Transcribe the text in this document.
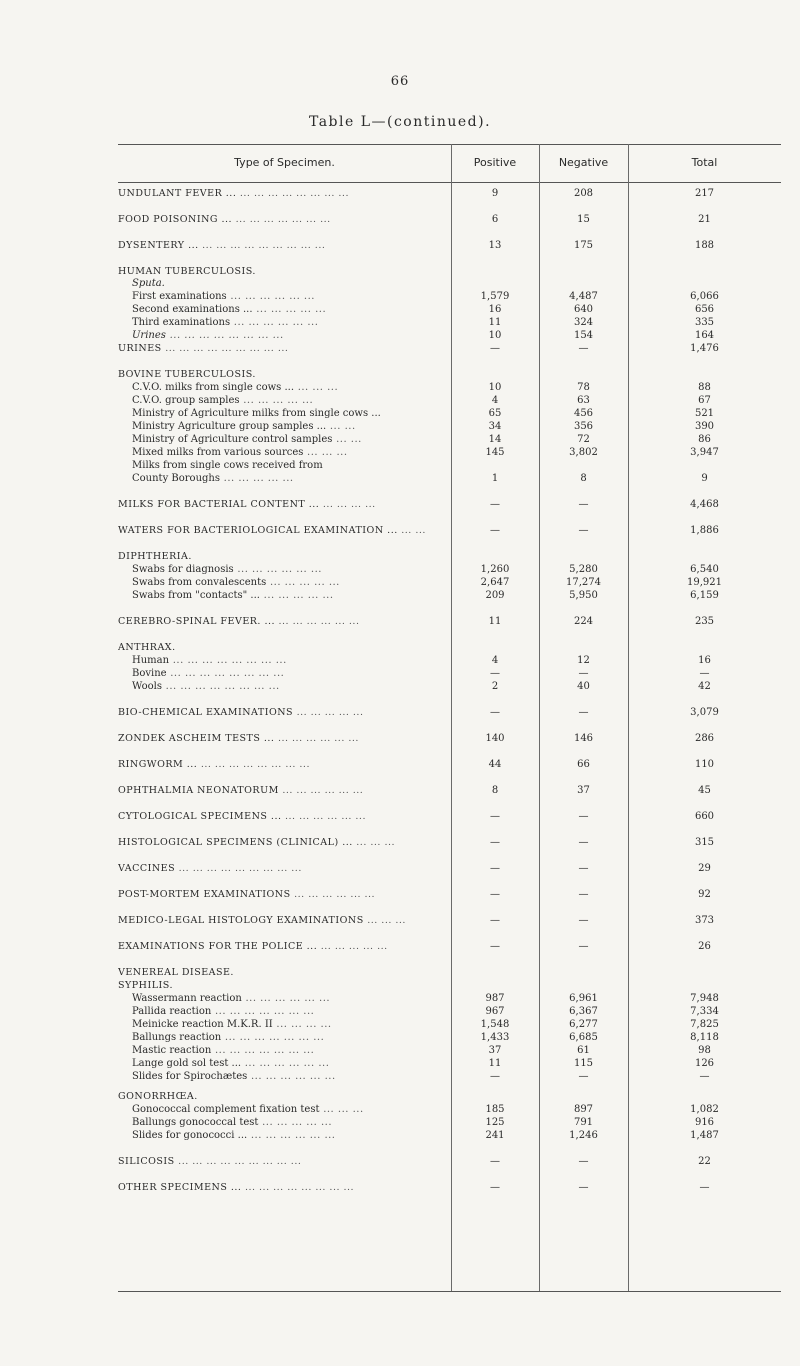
66
Table L—(continued).
Type of Specimen.	Positive	Negative	Total
UNDULANT FEVER ... ... ... ... ... ... ... ... ...	9	208	217
FOOD POISONING ... ... ... ... ... ... ... ...	6	15	21
DYSENTERY ... ... ... ... ... ... ... ... ... ...	13	175	188
HUMAN TUBERCULOSIS.
Sputa.
First examinations ... ... ... ... ... ...	1,579	4,487	6,066
Second examinations ... ... ... ... ... ...	16	640	656
Third examinations ... ... ... ... ... ...	11	324	335
Urines ... ... ... ... ... ... ... ...	10	154	164
URINES ... ... ... ... ... ... ... ... ...	—	—	1,476
BOVINE TUBERCULOSIS.
C.V.O. milks from single cows ... ... ... ...	10	78	88
C.V.O. group samples ... ... ... ... ...	4	63	67
Ministry of Agriculture milks from single cows ...	65	456	521
Ministry Agriculture group samples ... ... ...	34	356	390
Ministry of Agriculture control samples ... ...	14	72	86
Mixed milks from various sources ... ... ...	145	3,802	3,947
Milks from single cows received from
County Boroughs ... ... ... ... ...	1	8	9
MILKS FOR BACTERIAL CONTENT ... ... ... ... ...	—	—	4,468
WATERS FOR BACTERIOLOGICAL EXAMINATION ... ... ...	—	—	1,886
DIPHTHERIA.
Swabs for diagnosis ... ... ... ... ... ...	1,260	5,280	6,540
Swabs from convalescents ... ... ... ... ...	2,647	17,274	19,921
Swabs from "contacts" ... ... ... ... ... ...	209	5,950	6,159
CEREBRO-SPINAL FEVER. ... ... ... ... ... ... ...	11	224	235
ANTHRAX.
Human ... ... ... ... ... ... ... ...	4	12	16
Bovine ... ... ... ... ... ... ... ...	—	—	—
Wools ... ... ... ... ... ... ... ...	2	40	42
BIO-CHEMICAL EXAMINATIONS ... ... ... ... ...	—	—	3,079
ZONDEK ASCHEIM TESTS ... ... ... ... ... ... ...	140	146	286
RINGWORM ... ... ... ... ... ... ... ... ...	44	66	110
OPHTHALMIA NEONATORUM ... ... ... ... ... ...	8	37	45
CYTOLOGICAL SPECIMENS ... ... ... ... ... ... ...	—	—	660
HISTOLOGICAL SPECIMENS (CLINICAL) ... ... ... ...	—	—	315
VACCINES ... ... ... ... ... ... ... ... ...	—	—	29
POST-MORTEM EXAMINATIONS ... ... ... ... ... ...	—	—	92
MEDICO-LEGAL HISTOLOGY EXAMINATIONS ... ... ...	—	—	373
EXAMINATIONS FOR THE POLICE ... ... ... ... ... ...	—	—	26
VENEREAL DISEASE.
SYPHILIS.
Wassermann reaction ... ... ... ... ... ...	987	6,961	7,948
Pallida reaction ... ... ... ... ... ... ...	967	6,367	7,334
Meinicke reaction M.K.R. II ... ... ... ...	1,548	6,277	7,825
Ballungs reaction ... ... ... ... ... ... ...	1,433	6,685	8,118
Mastic reaction ... ... ... ... ... ... ...	37	61	98
Lange gold sol test ... ... ... ... ... ... ...	11	115	126
Slides for Spirochætes ... ... ... ... ... ...	—	—	—
GONORRHŒA.
Gonococcal complement fixation test ... ... ...	185	897	1,082
Ballungs gonococcal test ... ... ... ... ...	125	791	916
Slides for gonococci ... ... ... ... ... ... ...	241	1,246	1,487
SILICOSIS ... ... ... ... ... ... ... ... ...	—	—	22
OTHER SPECIMENS ... ... ... ... ... ... ... ... ...	—	—	—
